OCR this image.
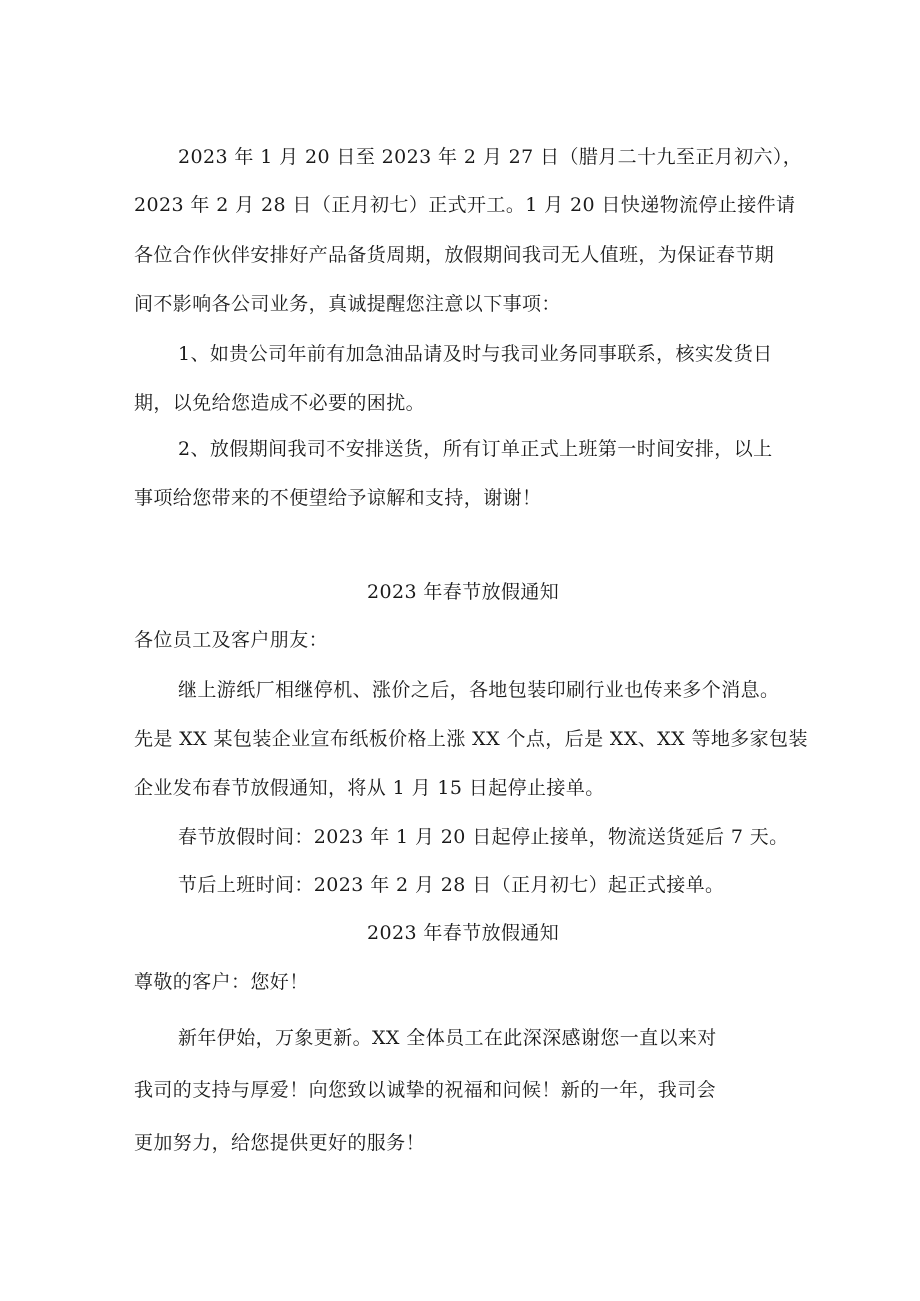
2023 年 1 月 20 日至 2023 年 2 月 27 日（腊月二十九至正月初六），
2023 年 2 月 28 日（正月初七）正式开工。1 月 20 日快递物流停止接件请
各位合作伙伴安排好产品备货周期，放假期间我司无人值班，为保证春节期
间不影响各公司业务，真诚提醒您注意以下事项：
1、如贵公司年前有加急油品请及时与我司业务同事联系，核实发货日
期，以免给您造成不必要的困扰。
2、放假期间我司不安排送货，所有订单正式上班第一时间安排，以上
事项给您带来的不便望给予谅解和支持，谢谢！
2023 年春节放假通知
各位员工及客户朋友：
继上游纸厂相继停机、涨价之后，各地包装印刷行业也传来多个消息。
先是 XX 某包装企业宣布纸板价格上涨 XX 个点，后是 XX、XX 等地多家包装
企业发布春节放假通知，将从 1 月 15 日起停止接单。
春节放假时间：2023 年 1 月 20 日起停止接单，物流送货延后 7 天。
节后上班时间：2023 年 2 月 28 日（正月初七）起正式接单。
2023 年春节放假通知
尊敬的客户：您好！
新年伊始，万象更新。XX 全体员工在此深深感谢您一直以来对
我司的支持与厚爱！向您致以诚挚的祝福和问候！新的一年，我司会
更加努力，给您提供更好的服务！
